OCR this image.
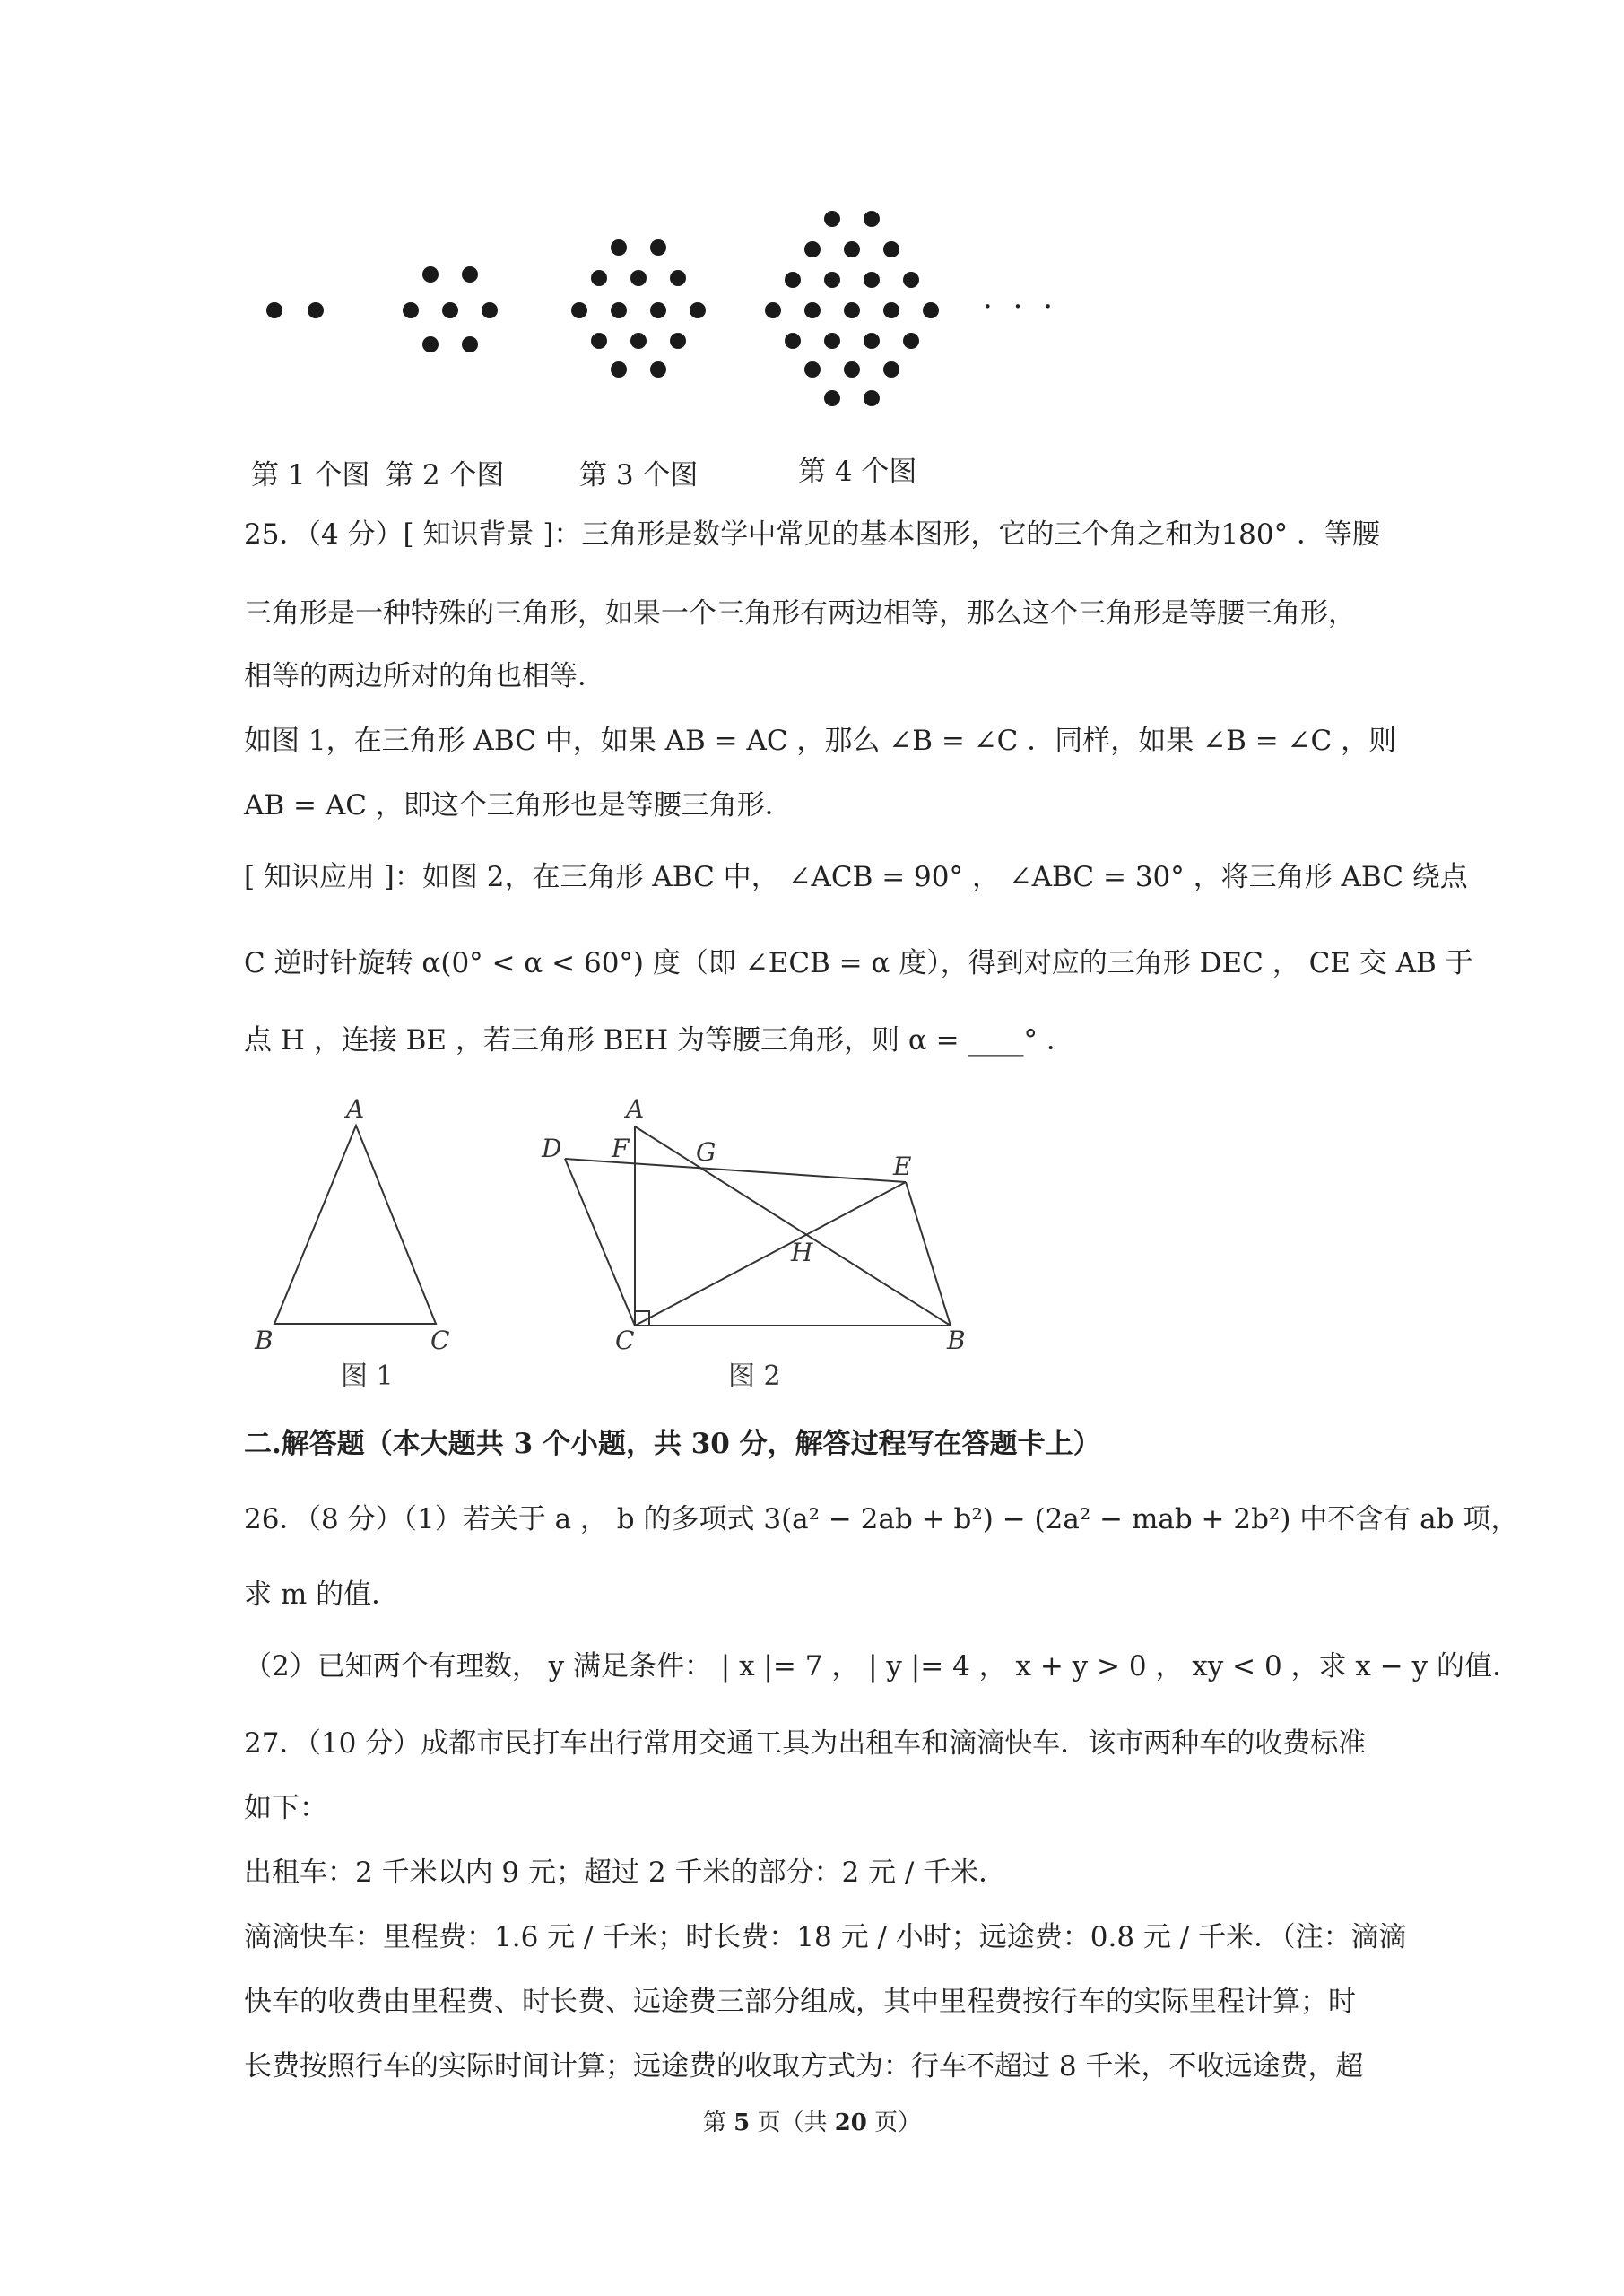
· · ·
第 1 个图 第 2 个图	第 3 个图	第 4 个图
25．（4 分）[ 知识背景 ]：三角形是数学中常见的基本图形，它的三个角之和为180° ．等腰
三角形是一种特殊的三角形，如果一个三角形有两边相等，那么这个三角形是等腰三角形，
相等的两边所对的角也相等．
如图 1，在三角形 ABC 中，如果 AB = AC ，那么 ∠B = ∠C ．同样，如果 ∠B = ∠C ，则
AB = AC ，即这个三角形也是等腰三角形．
[ 知识应用 ]：如图 2，在三角形 ABC 中， ∠ACB = 90° ， ∠ABC = 30° ，将三角形 ABC 绕点
C 逆时针旋转 α(0° < α < 60°) 度（即 ∠ECB = α 度），得到对应的三角形 DEC ， CE 交 AB 于
点 H ，连接 BE ，若三角形 BEH 为等腰三角形，则 α = ____° ．
A
B	C
图 1
A
D F	G	E
H
C	B
图 2
二.解答题（本大题共 3 个小题，共 30 分，解答过程写在答题卡上）
26．（8 分）（1）若关于 a ， b 的多项式 3(a² − 2ab + b²) − (2a² − mab + 2b²) 中不含有 ab 项，
求 m 的值．
（2）已知两个有理数， y 满足条件： | x |= 7 ， | y |= 4 ， x + y > 0 ， xy < 0 ，求 x − y 的值．
27．（10 分）成都市民打车出行常用交通工具为出租车和滴滴快车．该市两种车的收费标准
如下：
出租车：2 千米以内 9 元；超过 2 千米的部分：2 元 / 千米．
滴滴快车：里程费：1.6 元 / 千米；时长费：18 元 / 小时；远途费：0.8 元 / 千米．（注：滴滴
快车的收费由里程费、时长费、远途费三部分组成，其中里程费按行车的实际里程计算；时
长费按照行车的实际时间计算；远途费的收取方式为：行车不超过 8 千米，不收远途费，超
第 5 页（共 20 页）
